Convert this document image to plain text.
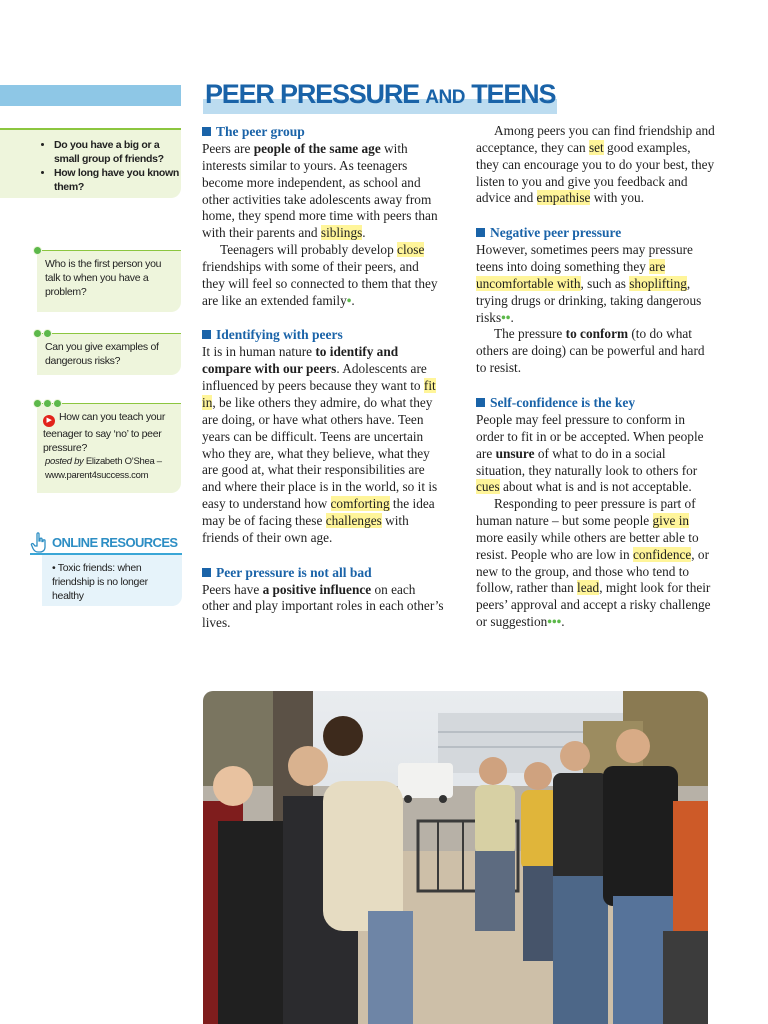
PEER PRESSURE AND TEENS
• Do you have a big or a small group of friends?
• How long have you known them?
Who is the first person you talk to when you have a problem?
Can you give examples of dangerous risks?
▶ How can you teach your teenager to say ‘no’ to peer pressure?
posted by Elizabeth O’Shea –
www.parent4success.com
ONLINE RESOURCES
• Toxic friends: when friendship is no longer healthy
The peer group

Peers are people of the same age with interests similar to yours. As teenagers become more independent, as school and other activities take adolescents away from home, they spend more time with peers than with their parents and siblings.

Teenagers will probably develop close friendships with some of their peers, and they will feel so connected to them that they are like an extended family•.

Identifying with peers

It is in human nature to identify and compare with our peers. Adolescents are influenced by peers because they want to fit in, be like others they admire, do what they are doing, or have what others have. Teen years can be difficult. Teens are uncertain who they are, what they believe, what they are good at, what their responsibilities are and where their place is in the world, so it is easy to understand how comforting the idea may be of facing these challenges with friends of their own age.

Peer pressure is not all bad

Peers have a positive influence on each other and play important roles in each other’s lives.

Among peers you can find friendship and acceptance, they can set good examples, they can encourage you to do your best, they listen to you and give you feedback and advice and empathise with you.

Negative peer pressure

However, sometimes peers may pressure teens into doing something they are uncomfortable with, such as shoplifting, trying drugs or drinking, taking dangerous risks••.

The pressure to conform (to do what others are doing) can be powerful and hard to resist.

Self-confidence is the key

People may feel pressure to conform in order to fit in or be accepted. When people are unsure of what to do in a social situation, they naturally look to others for cues about what is and is not acceptable.

Responding to peer pressure is part of human nature – but some people give in more easily while others are better able to resist. People who are low in confidence, or new to the group, and those who tend to follow, rather than lead, might look for their peers’ approval and accept a risky challenge or suggestion•••.
